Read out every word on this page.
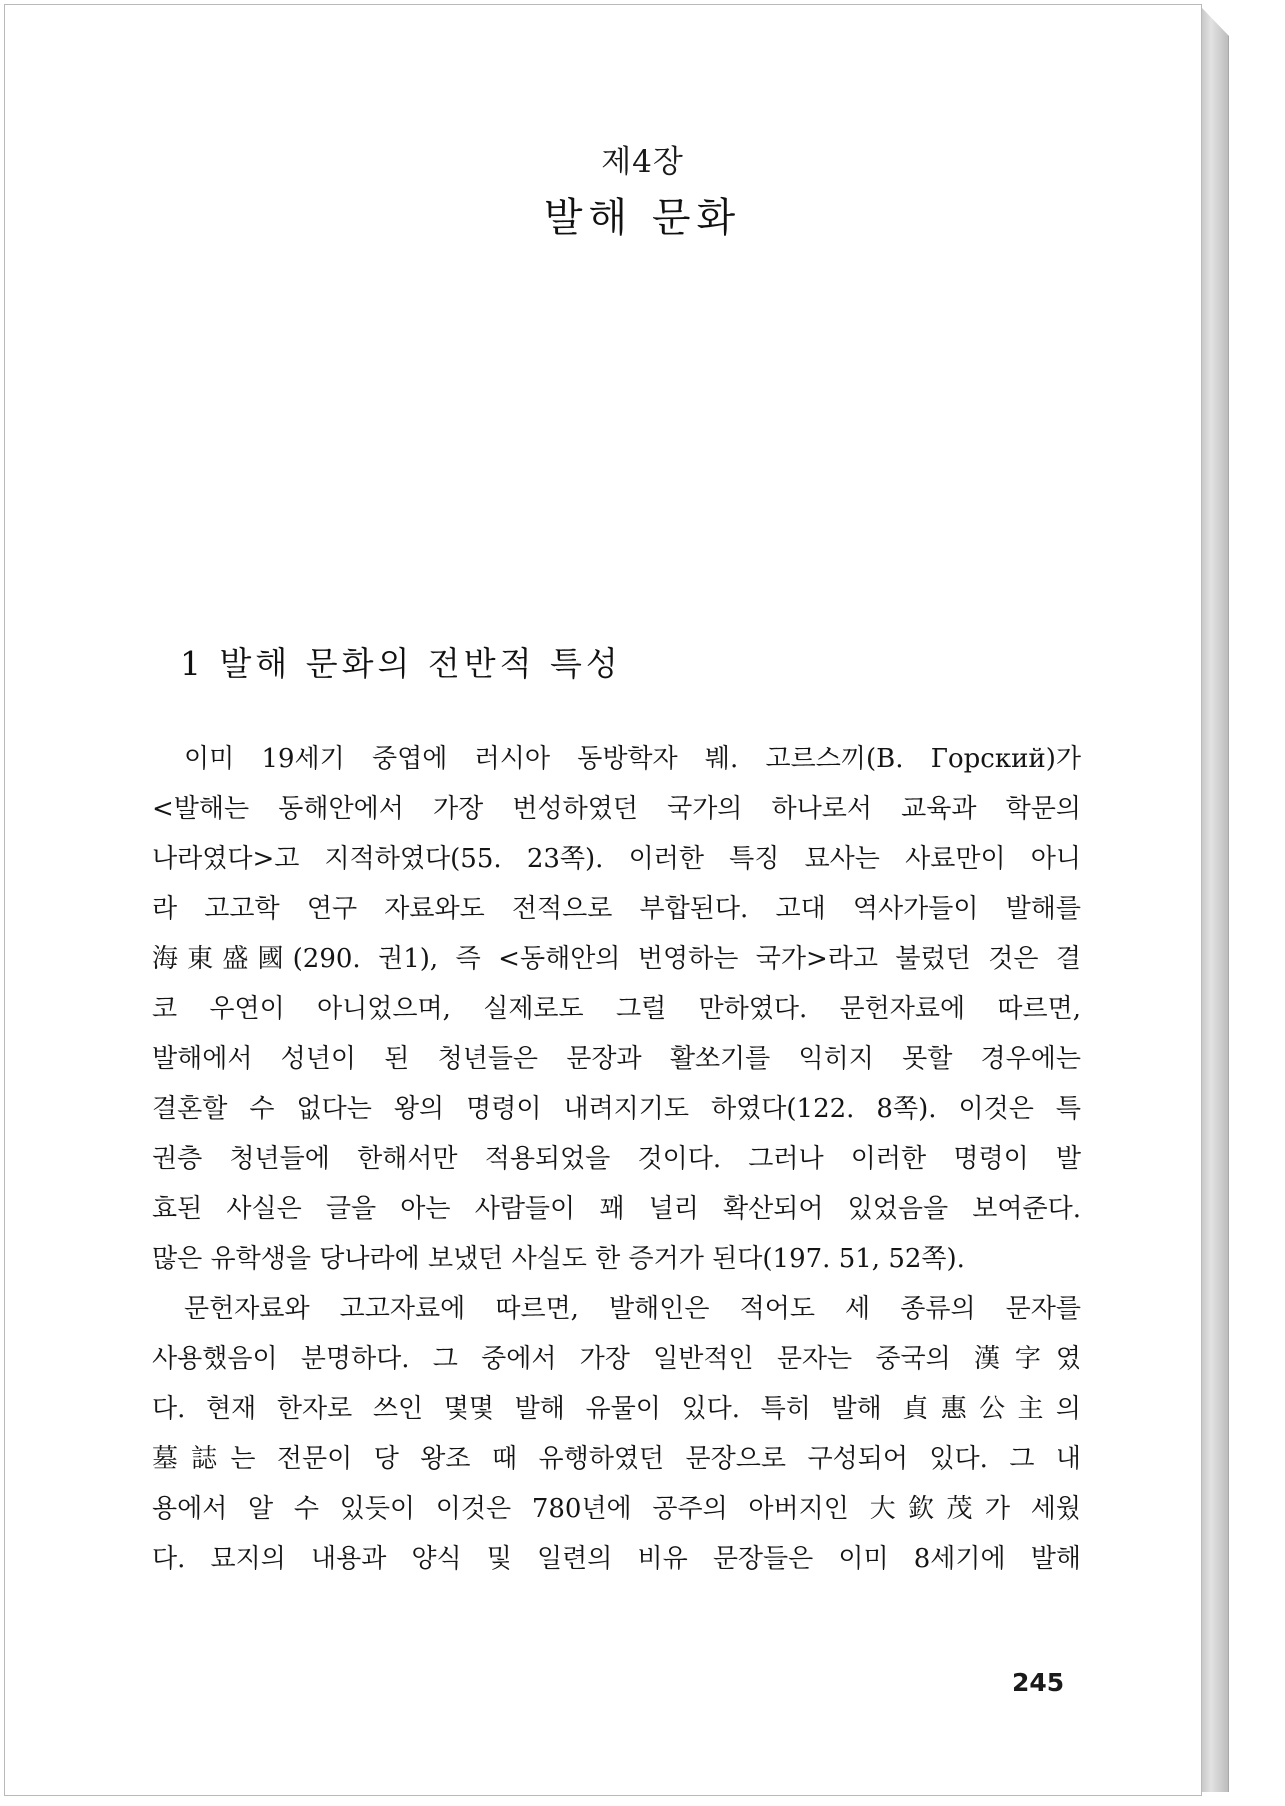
제4장
발해 문화
1 발해 문화의 전반적 특성
이미 19세기 중엽에 러시아 동방학자 붸. 고르스끼(В. Горский)가
<발해는 동해안에서 가장 번성하였던 국가의 하나로서 교육과 학문의
나라였다>고 지적하였다(55. 23쪽). 이러한 특징 묘사는 사료만이 아니
라 고고학 연구 자료와도 전적으로 부합된다. 고대 역사가들이 발해를
海東盛國(290. 권1), 즉 <동해안의 번영하는 국가>라고 불렀던 것은 결
코 우연이 아니었으며, 실제로도 그럴 만하였다. 문헌자료에 따르면,
발해에서 성년이 된 청년들은 문장과 활쏘기를 익히지 못할 경우에는
결혼할 수 없다는 왕의 명령이 내려지기도 하였다(122. 8쪽). 이것은 특
권층 청년들에 한해서만 적용되었을 것이다. 그러나 이러한 명령이 발
효된 사실은 글을 아는 사람들이 꽤 널리 확산되어 있었음을 보여준다.
많은 유학생을 당나라에 보냈던 사실도 한 증거가 된다(197. 51, 52쪽).
문헌자료와 고고자료에 따르면, 발해인은 적어도 세 종류의 문자를
사용했음이 분명하다. 그 중에서 가장 일반적인 문자는 중국의 漢字였
다. 현재 한자로 쓰인 몇몇 발해 유물이 있다. 특히 발해 貞惠公主의
墓誌는 전문이 당 왕조 때 유행하였던 문장으로 구성되어 있다. 그 내
용에서 알 수 있듯이 이것은 780년에 공주의 아버지인 大欽茂가 세웠
다. 묘지의 내용과 양식 및 일련의 비유 문장들은 이미 8세기에 발해
245
